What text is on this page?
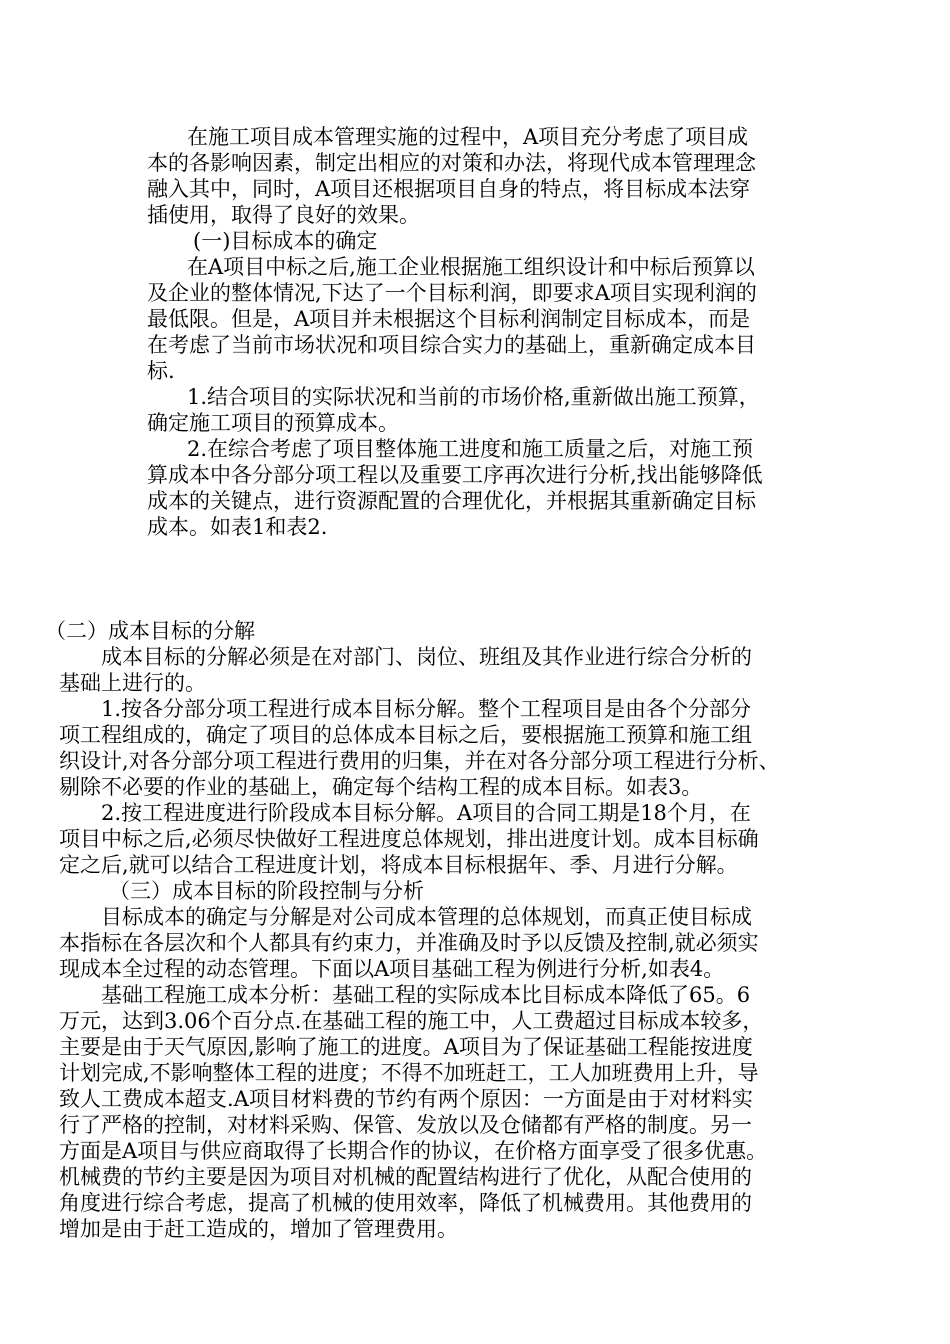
在施工项目成本管理实施的过程中，A项目充分考虑了项目成
本的各影响因素，制定出相应的对策和办法，将现代成本管理理念
融入其中，同时，A项目还根据项目自身的特点，将目标成本法穿
插使用，取得了良好的效果。
(一)目标成本的确定
在A项目中标之后,施工企业根据施工组织设计和中标后预算以
及企业的整体情况,下达了一个目标利润，即要求A项目实现利润的
最低限。但是，A项目并未根据这个目标利润制定目标成本，而是
在考虑了当前市场状况和项目综合实力的基础上，重新确定成本目
标.
1.结合项目的实际状况和当前的市场价格,重新做出施工预算，
确定施工项目的预算成本。
2.在综合考虑了项目整体施工进度和施工质量之后，对施工预
算成本中各分部分项工程以及重要工序再次进行分析,找出能够降低
成本的关键点，进行资源配置的合理优化，并根据其重新确定目标
成本。如表1和表2.
（二）成本目标的分解
成本目标的分解必须是在对部门、岗位、班组及其作业进行综合分析的
基础上进行的。
1.按各分部分项工程进行成本目标分解。整个工程项目是由各个分部分
项工程组成的，确定了项目的总体成本目标之后，要根据施工预算和施工组
织设计,对各分部分项工程进行费用的归集，并在对各分部分项工程进行分析、
剔除不必要的作业的基础上，确定每个结构工程的成本目标。如表3。
2.按工程进度进行阶段成本目标分解。A项目的合同工期是18个月，在
项目中标之后,必须尽快做好工程进度总体规划，排出进度计划。成本目标确
定之后,就可以结合工程进度计划，将成本目标根据年、季、月进行分解。
（三）成本目标的阶段控制与分析
目标成本的确定与分解是对公司成本管理的总体规划，而真正使目标成
本指标在各层次和个人都具有约束力，并准确及时予以反馈及控制,就必须实
现成本全过程的动态管理。下面以A项目基础工程为例进行分析,如表4。
基础工程施工成本分析：基础工程的实际成本比目标成本降低了65。6
万元，达到3.06个百分点.在基础工程的施工中，人工费超过目标成本较多，
主要是由于天气原因,影响了施工的进度。A项目为了保证基础工程能按进度
计划完成,不影响整体工程的进度；不得不加班赶工，工人加班费用上升，导
致人工费成本超支.A项目材料费的节约有两个原因：一方面是由于对材料实
行了严格的控制，对材料采购、保管、发放以及仓储都有严格的制度。另一
方面是A项目与供应商取得了长期合作的协议，在价格方面享受了很多优惠。
机械费的节约主要是因为项目对机械的配置结构进行了优化，从配合使用的
角度进行综合考虑，提高了机械的使用效率，降低了机械费用。其他费用的
增加是由于赶工造成的，增加了管理费用。
